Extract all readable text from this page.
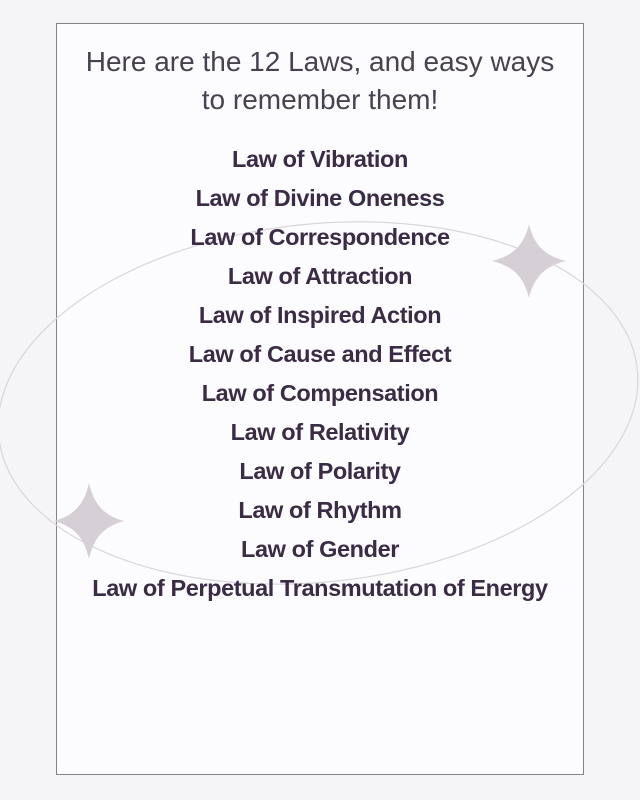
Here are the 12 Laws, and easy ways
to remember them!
Law of Vibration
Law of Divine Oneness
Law of Correspondence
Law of Attraction
Law of Inspired Action
Law of Cause and Effect
Law of Compensation
Law of Relativity
Law of Polarity
Law of Rhythm
Law of Gender
Law of Perpetual Transmutation of Energy
